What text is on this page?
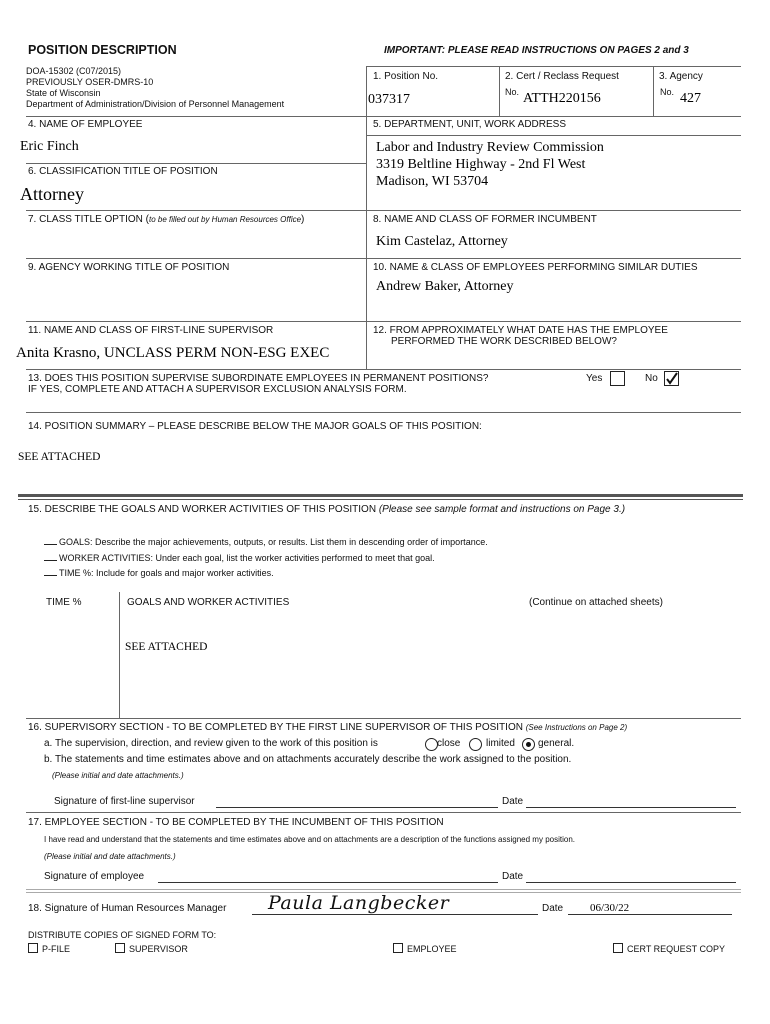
POSITION DESCRIPTION	IMPORTANT: PLEASE READ INSTRUCTIONS ON PAGES 2 and 3
DOA-15302 (C07/2015)
PREVIOUSLY OSER-DMRS-10
State of Wisconsin
Department of Administration/Division of Personnel Management
1. Position No.
037317
2. Cert / Reclass Request
No. ATTH220156
3. Agency
No. 427
4. NAME OF EMPLOYEE
Eric Finch
5. DEPARTMENT, UNIT, WORK ADDRESS
Labor and Industry Review Commission
3319 Beltline Highway - 2nd Fl West
Madison, WI 53704
6. CLASSIFICATION TITLE OF POSITION
Attorney
7. CLASS TITLE OPTION (to be filled out by Human Resources Office)	8. NAME AND CLASS OF FORMER INCUMBENT
Kim Castelaz, Attorney
9. AGENCY WORKING TITLE OF POSITION	10. NAME & CLASS OF EMPLOYEES PERFORMING SIMILAR DUTIES
Andrew Baker, Attorney
11. NAME AND CLASS OF FIRST-LINE SUPERVISOR
Anita Krasno, UNCLASS PERM NON-ESG EXEC
12. FROM APPROXIMATELY WHAT DATE HAS THE EMPLOYEE
PERFORMED THE WORK DESCRIBED BELOW?
13. DOES THIS POSITION SUPERVISE SUBORDINATE EMPLOYEES IN PERMANENT POSITIONS?
IF YES, COMPLETE AND ATTACH A SUPERVISOR EXCLUSION ANALYSIS FORM.
Yes	No
14. POSITION SUMMARY – PLEASE DESCRIBE BELOW THE MAJOR GOALS OF THIS POSITION:
SEE ATTACHED
15. DESCRIBE THE GOALS AND WORKER ACTIVITIES OF THIS POSITION (Please see sample format and instructions on Page 3.)
GOALS: Describe the major achievements, outputs, or results. List them in descending order of importance.
WORKER ACTIVITIES: Under each goal, list the worker activities performed to meet that goal.
TIME %: Include for goals and major worker activities.
TIME %	GOALS AND WORKER ACTIVITIES	(Continue on attached sheets)
SEE ATTACHED
16. SUPERVISORY SECTION - TO BE COMPLETED BY THE FIRST LINE SUPERVISOR OF THIS POSITION (See Instructions on Page 2)
a. The supervision, direction, and review given to the work of this position is	close	limited general.
b. The statements and time estimates above and on attachments accurately describe the work assigned to the position.
(Please initial and date attachments.)
Signature of first-line supervisor	Date
17. EMPLOYEE SECTION - TO BE COMPLETED BY THE INCUMBENT OF THIS POSITION
I have read and understand that the statements and time estimates above and on attachments are a description of the functions assigned my position.
(Please initial and date attachments.)
Signature of employee	Date
18. Signature of Human Resources Manager Paula Langbecker	Date 06/30/22
DISTRIBUTE COPIES OF SIGNED FORM TO:
P-FILE	SUPERVISOR	EMPLOYEE	CERT REQUEST COPY
